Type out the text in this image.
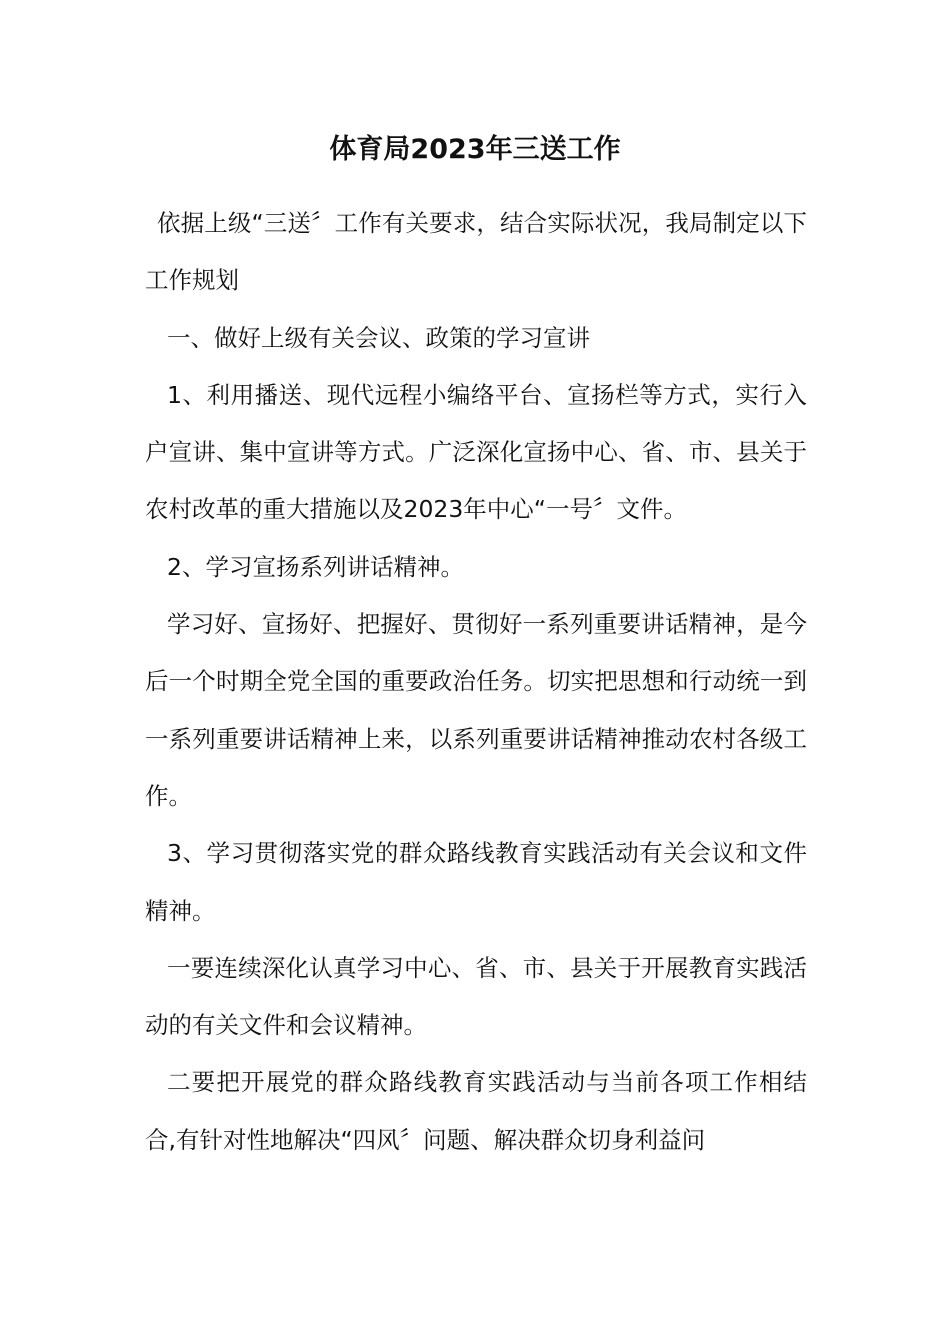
体育局2023年三送工作

依据上级“三送〞工作有关要求，结合实际状况，我局制定以下工作规划

一、做好上级有关会议、政策的学习宣讲

1、利用播送、现代远程小编络平台、宣扬栏等方式，实行入户宣讲、集中宣讲等方式。广泛深化宣扬中心、省、市、县关于农村改革的重大措施以及2023年中心“一号〞文件。

2、学习宣扬系列讲话精神。

学习好、宣扬好、把握好、贯彻好一系列重要讲话精神，是今后一个时期全党全国的重要政治任务。切实把思想和行动统一到一系列重要讲话精神上来，以系列重要讲话精神推动农村各级工作。

3、学习贯彻落实党的群众路线教育实践活动有关会议和文件精神。

一要连续深化认真学习中心、省、市、县关于开展教育实践活动的有关文件和会议精神。

二要把开展党的群众路线教育实践活动与当前各项工作相结合,有针对性地解决“四风〞问题、解决群众切身利益问
